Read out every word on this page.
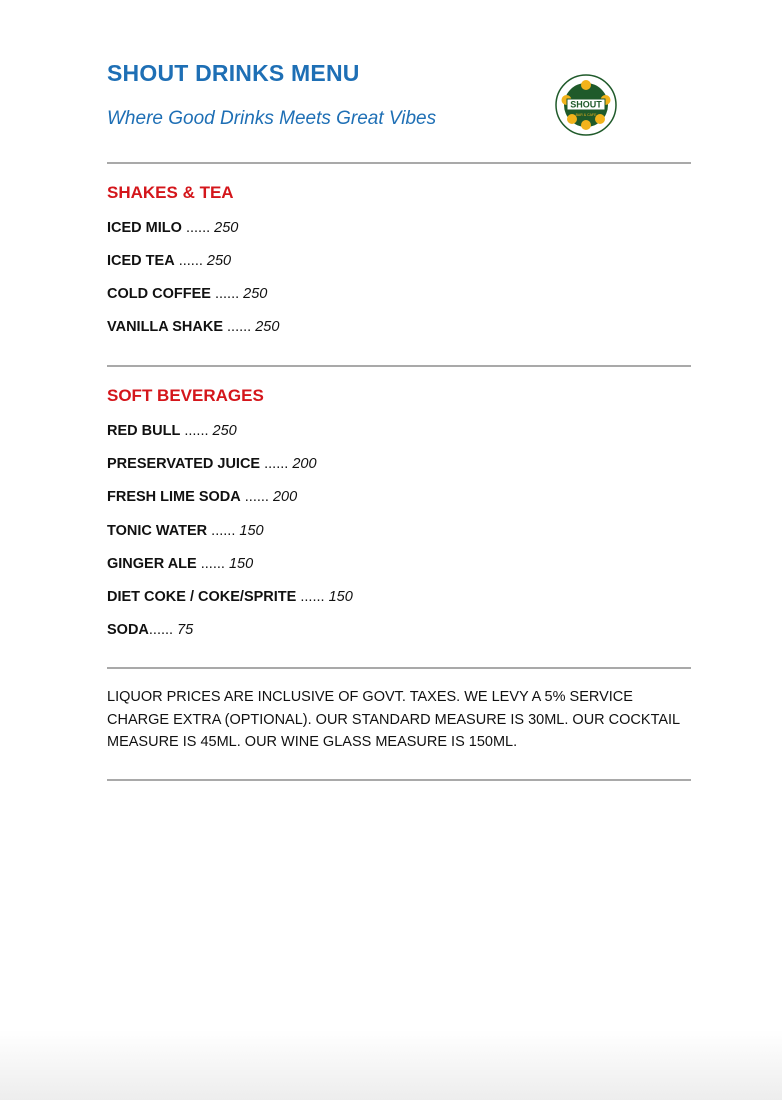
SHOUT DRINKS MENU

Where Good Drinks Meets Great Vibes

SHOUT
BAR & CAFE
SHAKES & TEA
ICED MILO ...... 250
ICED TEA ...... 250
COLD COFFEE ...... 250
VANILLA SHAKE ...... 250
SOFT BEVERAGES
RED BULL ...... 250
PRESERVATED JUICE ...... 200
FRESH LIME SODA ...... 200
TONIC WATER ...... 150
GINGER ALE ...... 150
DIET COKE / COKE/SPRITE ...... 150
SODA...... 75

LIQUOR PRICES ARE INCLUSIVE OF GOVT. TAXES. WE LEVY A 5% SERVICE CHARGE EXTRA (OPTIONAL). OUR STANDARD MEASURE IS 30ML. OUR COCKTAIL MEASURE IS 45ML. OUR WINE GLASS MEASURE IS 150ML.
